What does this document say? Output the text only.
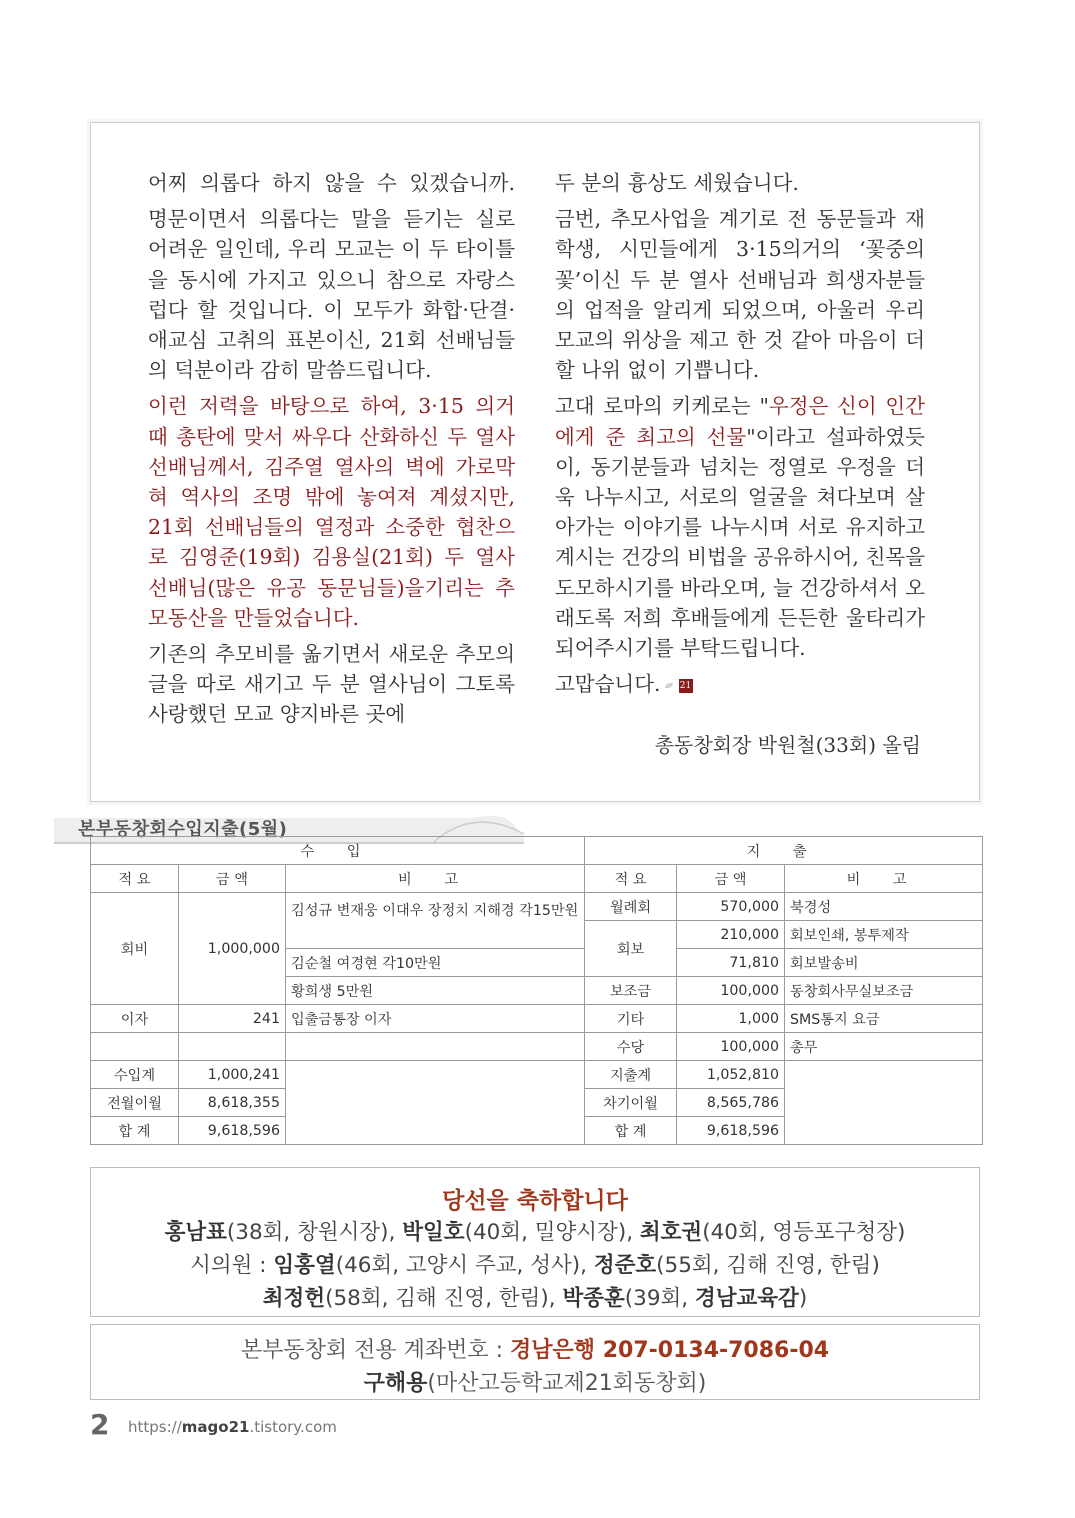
어찌 의롭다 하지 않을 수 있겠습니까.

명문이면서 의롭다는 말을 듣기는 실로 어려운 일인데, 우리 모교는 이 두 타이틀을 동시에 가지고 있으니 참으로 자랑스럽다 할 것입니다. 이 모두가 화합·단결·애교심 고취의 표본이신, 21회 선배님들의 덕분이라 감히 말씀드립니다.

이런 저력을 바탕으로 하여, 3·15 의거 때 총탄에 맞서 싸우다 산화하신 두 열사 선배님께서, 김주열 열사의 벽에 가로막혀 역사의 조명 밖에 놓여져 계셨지만, 21회 선배님들의 열정과 소중한 협찬으로 김영준(19회) 김용실(21회) 두 열사 선배님(많은 유공 동문님들)을기리는 추모동산을 만들었습니다.

기존의 추모비를 옮기면서 새로운 추모의 글을 따로 새기고 두 분 열사님이 그토록 사랑했던 모교 양지바른 곳에

두 분의 흉상도 세웠습니다.

금번, 추모사업을 계기로 전 동문들과 재학생, 시민들에게 3·15의거의 ‘꽃중의 꽃’이신 두 분 열사 선배님과 희생자분들의 업적을 알리게 되었으며, 아울러 우리 모교의 위상을 제고 한 것 같아 마음이 더할 나위 없이 기쁩니다.

고대 로마의 키케로는 "우정은 신이 인간에게 준 최고의 선물"이라고 설파하였듯이, 동기분들과 넘치는 정열로 우정을 더욱 나누시고, 서로의 얼굴을 쳐다보며 살아가는 이야기를 나누시며 서로 유지하고 계시는 건강의 비법을 공유하시어, 친목을 도모하시기를 바라오며, 늘 건강하셔서 오래도록 저희 후배들에게 든든한 울타리가 되어주시기를 부탁드립니다.

고맙습니다. 21

총동창회장 박원철(33회) 올림
본부동창회수입지출(5월)
수 입			지 출		
적 요	금 액	비 고	적 요	금 액	비 고
회비	1,000,000	김성규 변재웅 이대우 장정치 지해경 각15만원	월례회	570,000	북경성
			회보	210,000	회보인쇄, 봉투제작
		김순철 여경현 각10만원		71,810	회보발송비
		황희생 5만원	보조금	100,000	동창회사무실보조금
이자	241	입출금통장 이자	기타	1,000	SMS통지 요금
			수당	100,000	총무
수입계	1,000,241		지출계	1,052,810	
전월이월	8,618,355		차기이월	8,565,786	
합 계	9,618,596		합 계	9,618,596	
당선을 축하합니다
홍남표(38회, 창원시장), 박일호(40회, 밀양시장), 최호권(40회, 영등포구청장)
시의원 : 임홍열(46회, 고양시 주교, 성사), 정준호(55회, 김해 진영, 한림)
최정헌(58회, 김해 진영, 한림), 박종훈(39회, 경남교육감)
본부동창회 전용 계좌번호 : 경남은행 207-0134-7086-04
구해용(마산고등학교제21회동창회)
2 https://mago21.tistory.com
